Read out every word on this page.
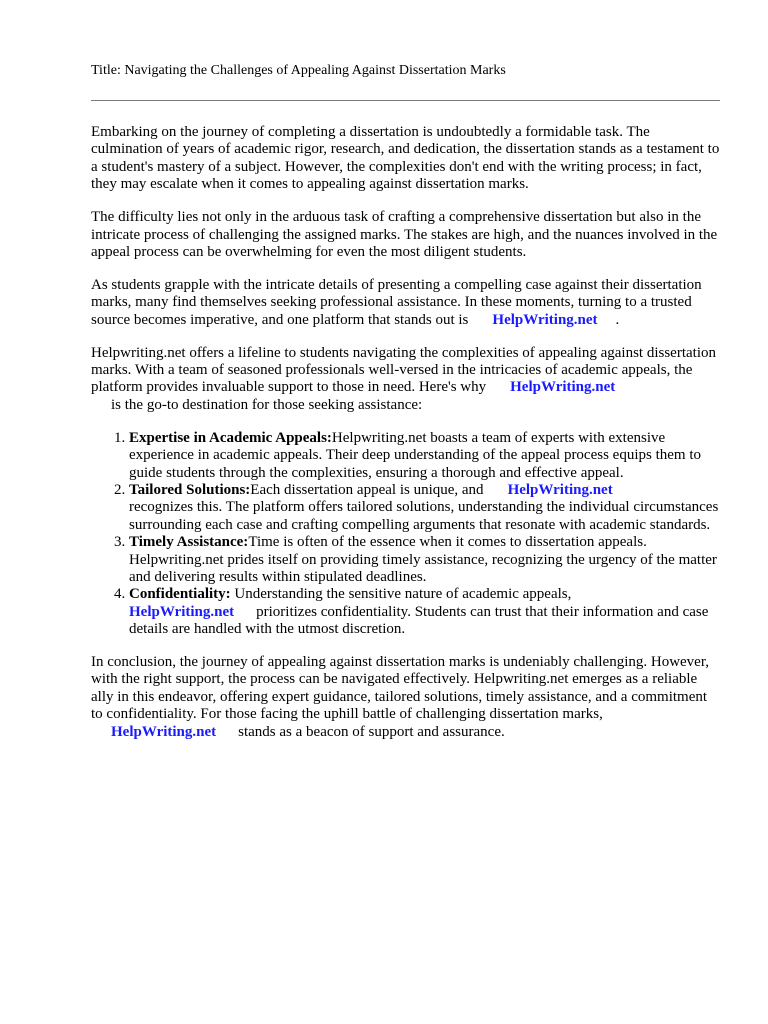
Title: Navigating the Challenges of Appealing Against Dissertation Marks

Embarking on the journey of completing a dissertation is undoubtedly a formidable task. The culmination of years of academic rigor, research, and dedication, the dissertation stands as a testament to a student's mastery of a subject. However, the complexities don't end with the writing process; in fact, they may escalate when it comes to appealing against dissertation marks.

The difficulty lies not only in the arduous task of crafting a comprehensive dissertation but also in the intricate process of challenging the assigned marks. The stakes are high, and the nuances involved in the appeal process can be overwhelming for even the most diligent students.

As students grapple with the intricate details of presenting a compelling case against their dissertation marks, many find themselves seeking professional assistance. In these moments, turning to a trusted source becomes imperative, and one platform that stands out is HelpWriting.net .

Helpwriting.net offers a lifeline to students navigating the complexities of appealing against dissertation marks. With a team of seasoned professionals well-versed in the intricacies of academic appeals, the platform provides invaluable support to those in need. Here's why HelpWriting.net
is the go-to destination for those seeking assistance:

1. Expertise in Academic Appeals:Helpwriting.net boasts a team of experts with extensive experience in academic appeals. Their deep understanding of the appeal process equips them to guide students through the complexities, ensuring a thorough and effective appeal.
2. Tailored Solutions:Each dissertation appeal is unique, and HelpWriting.net
recognizes this. The platform offers tailored solutions, understanding the individual circumstances surrounding each case and crafting compelling arguments that resonate with academic standards.
3. Timely Assistance:Time is often of the essence when it comes to dissertation appeals. Helpwriting.net prides itself on providing timely assistance, recognizing the urgency of the matter and delivering results within stipulated deadlines.
4. Confidentiality: Understanding the sensitive nature of academic appeals,
HelpWriting.net prioritizes confidentiality. Students can trust that their information and case details are handled with the utmost discretion.

In conclusion, the journey of appealing against dissertation marks is undeniably challenging. However, with the right support, the process can be navigated effectively. Helpwriting.net emerges as a reliable ally in this endeavor, offering expert guidance, tailored solutions, timely assistance, and a commitment to confidentiality. For those facing the uphill battle of challenging dissertation marks,
HelpWriting.net stands as a beacon of support and assurance.
